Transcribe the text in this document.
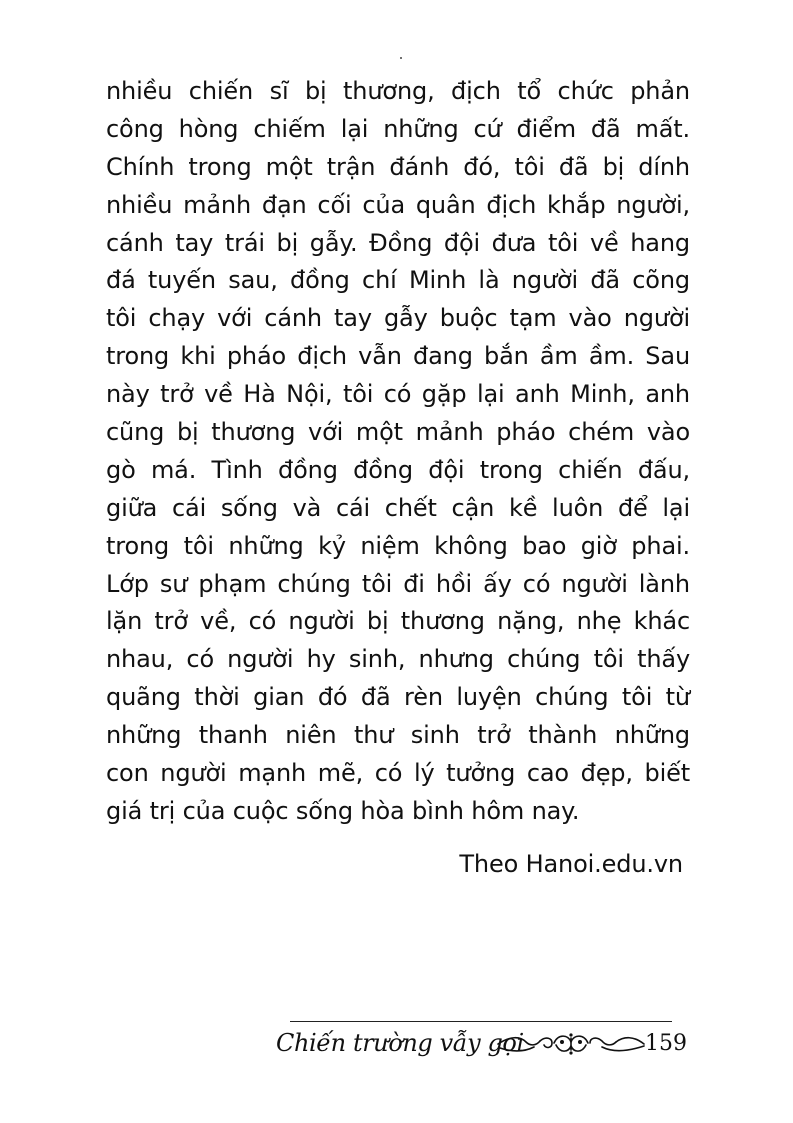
nhiều chiến sĩ bị thương, địch tổ chức phản
công hòng chiếm lại những cứ điểm đã mất.
Chính trong một trận đánh đó, tôi đã bị dính
nhiều mảnh đạn cối của quân địch khắp người,
cánh tay trái bị gẫy. Đồng đội đưa tôi về hang
đá tuyến sau, đồng chí Minh là người đã cõng
tôi chạy với cánh tay gẫy buộc tạm vào người
trong khi pháo địch vẫn đang bắn ầm ầm. Sau
này trở về Hà Nội, tôi có gặp lại anh Minh, anh
cũng bị thương với một mảnh pháo chém vào
gò má. Tình đồng đồng đội trong chiến đấu,
giữa cái sống và cái chết cận kề luôn để lại
trong tôi những kỷ niệm không bao giờ phai.
Lớp sư phạm chúng tôi đi hồi ấy có người lành
lặn trở về, có người bị thương nặng, nhẹ khác
nhau, có người hy sinh, nhưng chúng tôi thấy
quãng thời gian đó đã rèn luyện chúng tôi từ
những thanh niên thư sinh trở thành những
con người mạnh mẽ, có lý tưởng cao đẹp, biết
giá trị của cuộc sống hòa bình hôm nay.
Theo Hanoi.edu.vn
Chiến trường vẫy gọi	159
